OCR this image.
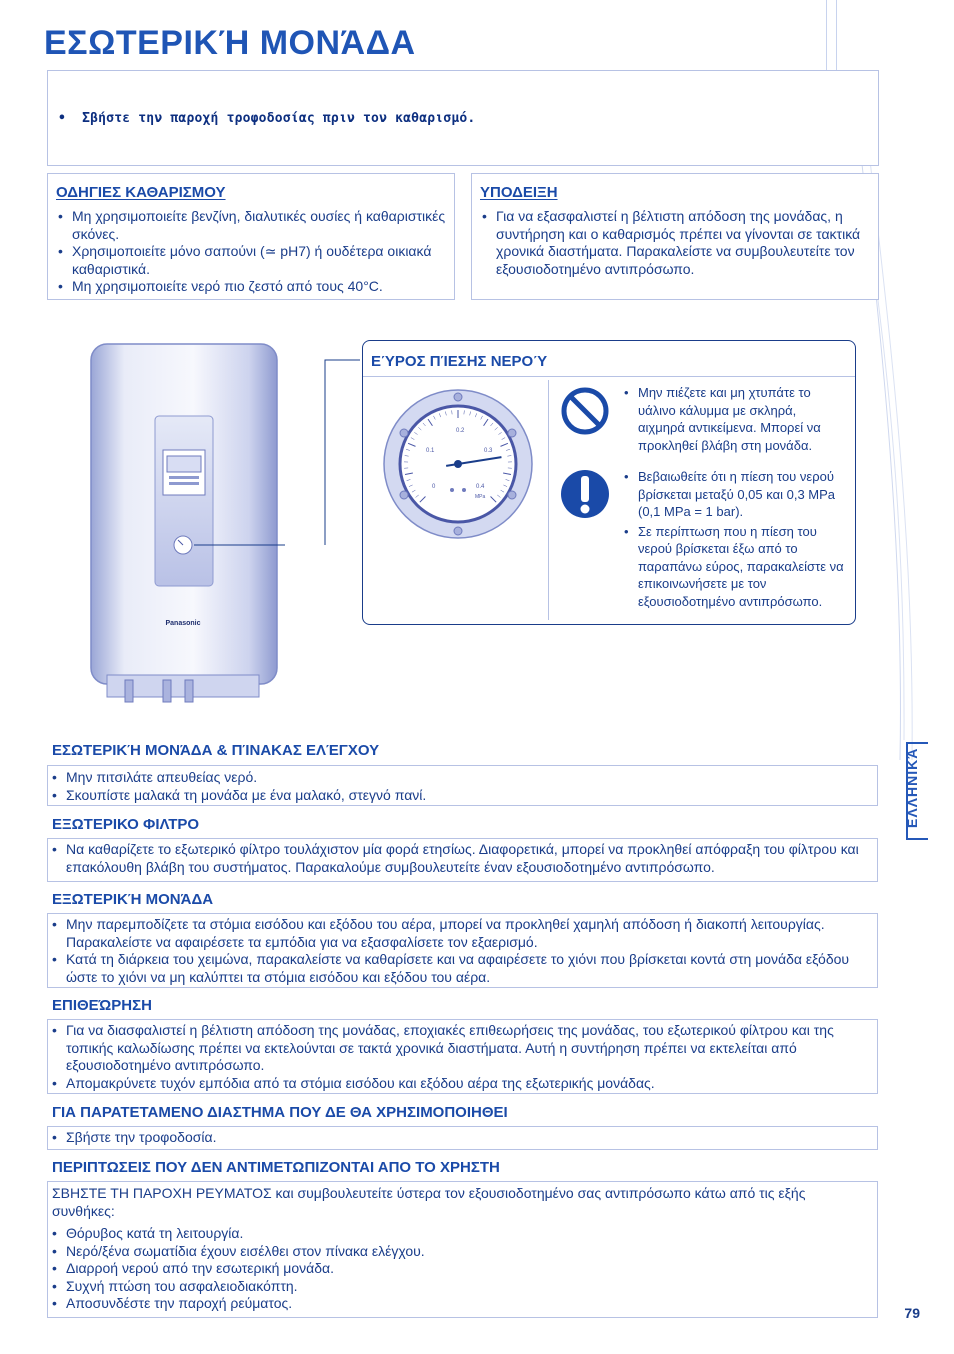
ΕΣΩΤΕΡΙΚΉ ΜΟΝΆΔΑ
•  Σβήστε την παροχή τροφοδοσίας πριν τον καθαρισμό.
ΟΔΗΓΙΕΣ ΚΑΘΑΡΙΣΜΟΥ
• Μη χρησιμοποιείτε βενζίνη, διαλυτικές ουσίες ή καθαριστικές σκόνες.
• Χρησιμοποιείτε μόνο σαπούνι (≃ pH7) ή ουδέτερα οικιακά καθαριστικά.
• Μη χρησιμοποιείτε νερό πιο ζεστό από τους 40°C.
ΥΠΟΔΕΙΞΗ
• Για να εξασφαλιστεί η βέλτιστη απόδοση της μονάδας, η συντήρηση και ο καθαρισμός πρέπει να γίνονται σε τακτικά χρονικά διαστήματα. Παρακαλείστε να συμβουλευτείτε τον εξουσιοδοτημένο αντιπρόσωπο.
Panasonic
ΕΎΡΟΣ ΠΊΕΣΗΣ ΝΕΡΟΎ
0.1
0.2
0.3
0.4
0
MPa
• Μην πιέζετε και μη χτυπάτε το υάλινο κάλυμμα με σκληρά, αιχμηρά αντικείμενα. Μπορεί να προκληθεί βλάβη στη μονάδα.
• Βεβαιωθείτε ότι η πίεση του νερού βρίσκεται μεταξύ 0,05 και 0,3 MPa (0,1 MPa = 1 bar).
• Σε περίπτωση που η πίεση του νερού βρίσκεται έξω από το παραπάνω εύρος, παρακαλείστε να επικοινωνήσετε με τον εξουσιοδοτημένο αντιπρόσωπο.
ΕΣΩΤΕΡΙΚΉ ΜΟΝΆΔΑ & ΠΊΝΑΚΑΣ ΕΛΈΓΧΟΥ
• Μην πιτσιλάτε απευθείας νερό.
• Σκουπίστε μαλακά τη μονάδα με ένα μαλακό, στεγνό πανί.
ΕΞΩΤΕΡΙΚΟ ΦΙΛΤΡΟ
• Να καθαρίζετε το εξωτερικό φίλτρο τουλάχιστον μία φορά ετησίως. Διαφορετικά, μπορεί να προκληθεί απόφραξη του φίλτρου και επακόλουθη βλάβη του συστήματος. Παρακαλούμε συμβουλευτείτε έναν εξουσιοδοτημένο αντιπρόσωπο.
ΕΞΩΤΕΡΙΚΉ ΜΟΝΆΔΑ
• Μην παρεμποδίζετε τα στόμια εισόδου και εξόδου του αέρα, μπορεί να προκληθεί χαμηλή απόδοση ή διακοπή λειτουργίας. Παρακαλείστε να αφαιρέσετε τα εμπόδια για να εξασφαλίσετε τον εξαερισμό.
• Κατά τη διάρκεια του χειμώνα, παρακαλείστε να καθαρίσετε και να αφαιρέσετε το χιόνι που βρίσκεται κοντά στη μονάδα εξόδου ώστε το χιόνι να μη καλύπτει τα στόμια εισόδου και εξόδου του αέρα.
ΕΠΙΘΕΏΡΗΣΗ
• Για να διασφαλιστεί η βέλτιστη απόδοση της μονάδας, εποχιακές επιθεωρήσεις της μονάδας, του εξωτερικού φίλτρου και της τοπικής καλωδίωσης πρέπει να εκτελούνται σε τακτά χρονικά διαστήματα. Αυτή η συντήρηση πρέπει να εκτελείται από εξουσιοδοτημένο αντιπρόσωπο.
• Απομακρύνετε τυχόν εμπόδια από τα στόμια εισόδου και εξόδου αέρα της εξωτερικής μονάδας.
ΓΙΑ ΠΑΡΑΤΕΤΑΜΕΝΟ ΔΙΑΣΤΗΜΑ ΠΟΥ ΔΕ ΘΑ ΧΡΗΣΙΜΟΠΟΙΗΘΕΙ
• Σβήστε την τροφοδοσία.
ΠΕΡΙΠΤΩΣΕΙΣ ΠΟΥ ΔΕΝ ΑΝΤΙΜΕΤΩΠΙΖΟΝΤΑΙ ΑΠΟ ΤΟ ΧΡΗΣΤΗ
ΣΒΗΣΤΕ ΤΗ ΠΑΡΟΧΗ ΡΕΥΜΑΤΟΣ και συμβουλευτείτε ύστερα τον εξουσιοδοτημένο σας αντιπρόσωπο κάτω από τις εξής συνθήκες:
• Θόρυβος κατά τη λειτουργία.
• Νερό/ξένα σωματίδια έχουν εισέλθει στον πίνακα ελέγχου.
• Διαρροή νερού από την εσωτερική μονάδα.
• Συχνή πτώση του ασφαλειοδιακόπτη.
• Αποσυνδέστε την παροχή ρεύματος.
ΕΛΛΗΝΙΚΆ
79
